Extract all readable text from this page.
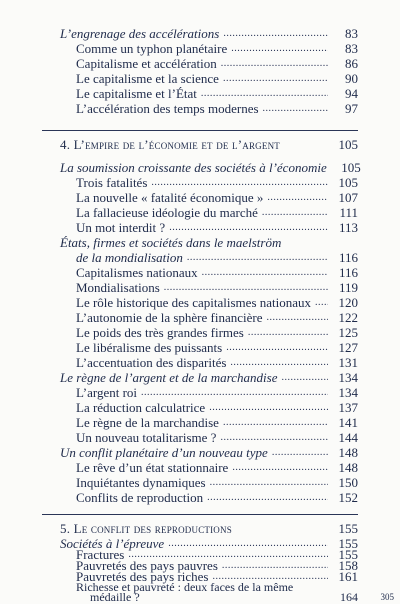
L’engrenage des accélérations .....	83
Comme un typhon planétaire .....	83
Capitalisme et accélération .....	86
Le capitalisme et la science .....	90
Le capitalisme et l’État .....	94
L’accélération des temps modernes .....	97
4. L’empire de l’économie et de l’argent	105
La soumission croissante des sociétés à l’économie	105
Trois fatalités .....	105
La nouvelle « fatalité économique » .....	107
La fallacieuse idéologie du marché .....	111
Un mot interdit ? .....	113
États, firmes et sociétés dans le maelström
de la mondialisation .....	116
Capitalismes nationaux .....	116
Mondialisations .....	119
Le rôle historique des capitalismes nationaux .....	120
L’autonomie de la sphère financière .....	122
Le poids des très grandes firmes .....	125
Le libéralisme des puissants .....	127
L’accentuation des disparités .....	131
Le règne de l’argent et de la marchandise .....	134
L’argent roi .....	134
La réduction calculatrice .....	137
Le règne de la marchandise .....	141
Un nouveau totalitarisme ? .....	144
Un conflit planétaire d’un nouveau type .....	148
Le rêve d’un état stationnaire .....	148
Inquiétantes dynamiques .....	150
Conflits de reproduction .....	152
5. Le conflit des reproductions	155
Sociétés à l’épreuve .....	155
Fractures .....	155
Pauvretés des pays pauvres .....	158
Pauvretés des pays riches .....	161
Richesse et pauvreté : deux faces de la même
médaille ?	164	305
